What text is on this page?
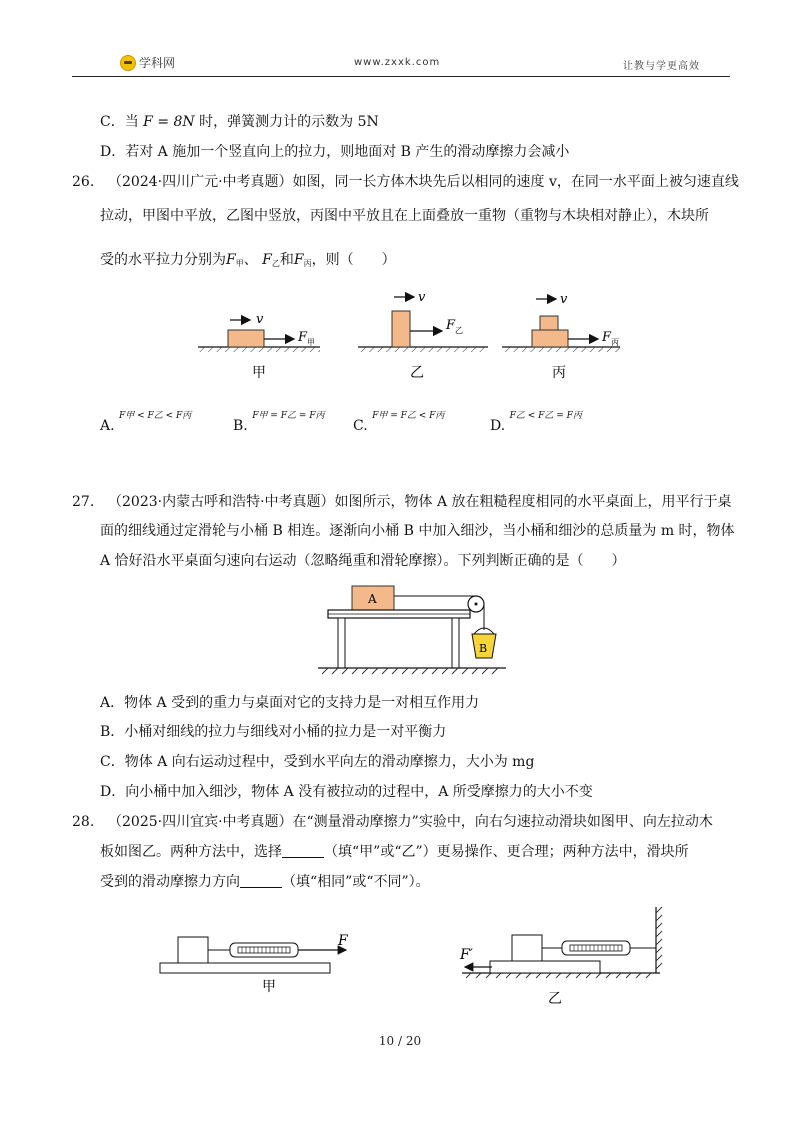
学科网	www.zxxk.com	让教与学更高效
C．当 F = 8N 时，弹簧测力计的示数为 5N
D．若对 A 施加一个竖直向上的拉力，则地面对 B 产生的滑动摩擦力会减小
26. （2024·四川广元·中考真题）如图，同一长方体木块先后以相同的速度 v，在同一水平面上被匀速直线
拉动，甲图中平放，乙图中竖放，丙图中平放且在上面叠放一重物（重物与木块相对静止），木块所
受的水平拉力分别为$F_甲$、 $F_乙$和$F_丙$，则（　　）
v
F 甲
甲
v
F 乙
乙
v
F 丙
丙
A. $^{F甲 < F乙 < F丙}$
B. $^{F甲 = F乙 = F丙}$
C. $^{F甲 = F乙 < F丙}$
D. $^{F乙 < F乙 = F丙}$
27. （2023·内蒙古呼和浩特·中考真题）如图所示，物体 A 放在粗糙程度相同的水平桌面上，用平行于桌
面的细线通过定滑轮与小桶 B 相连。逐渐向小桶 B 中加入细沙，当小桶和细沙的总质量为 m 时，物体
A 恰好沿水平桌面匀速向右运动（忽略绳重和滑轮摩擦）。下列判断正确的是（　　）
A
B
A．物体 A 受到的重力与桌面对它的支持力是一对相互作用力
B．小桶对细线的拉力与细线对小桶的拉力是一对平衡力
C．物体 A 向右运动过程中，受到水平向左的滑动摩擦力，大小为 mg
D．向小桶中加入细沙，物体 A 没有被拉动的过程中，A 所受摩擦力的大小不变
28. （2025·四川宜宾·中考真题）在“测量滑动摩擦力”实验中，向右匀速拉动滑块如图甲、向左拉动木
板如图乙。两种方法中，选择	（填“甲”或“乙”）更易操作、更合理；两种方法中，滑块所
受到的滑动摩擦力方向	（填“相同”或“不同”）。
F
甲
F′
乙
10 / 20
